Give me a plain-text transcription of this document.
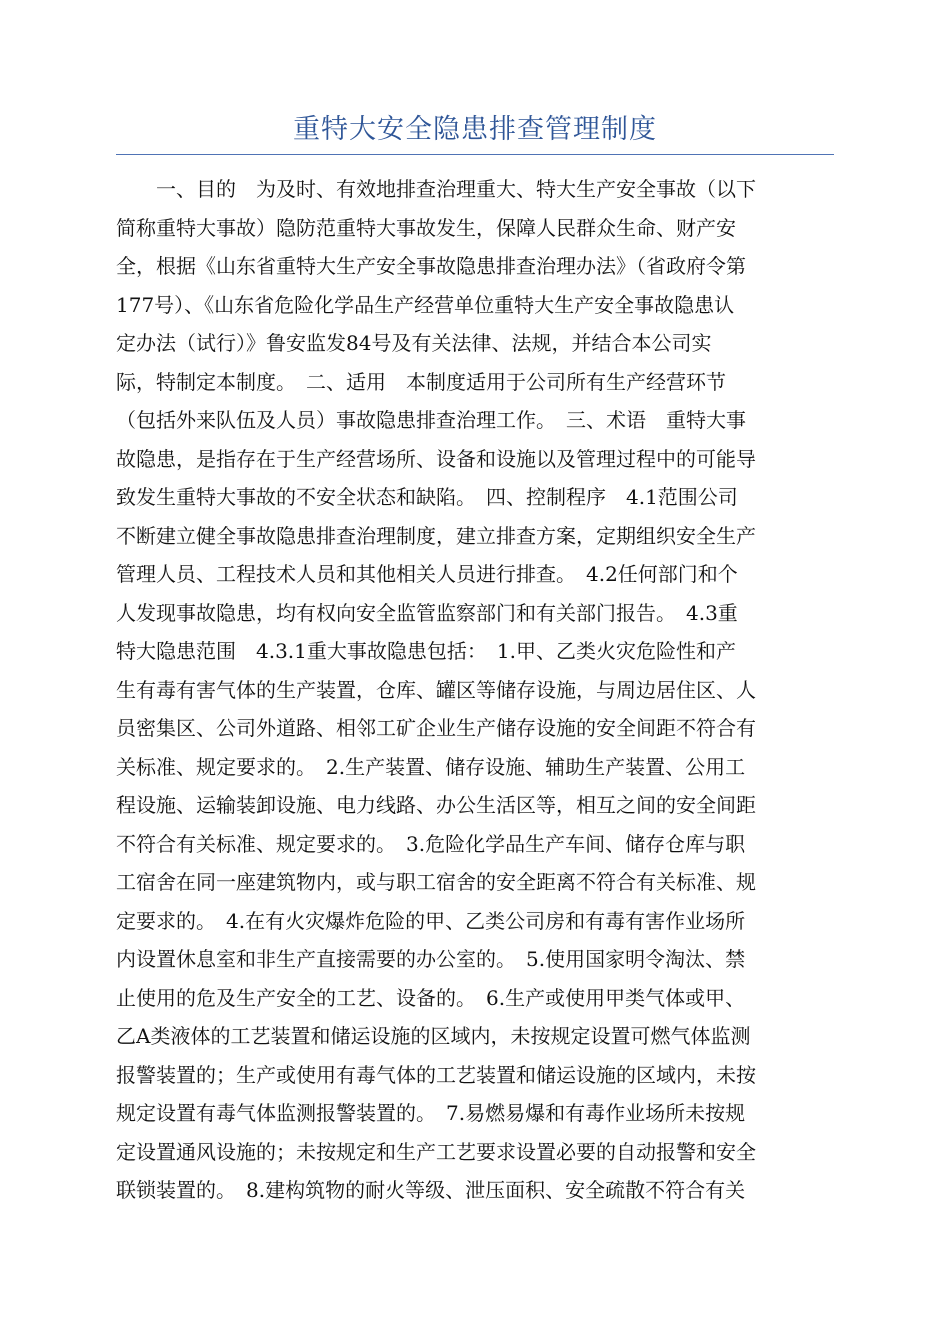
重特大安全隐患排查管理制度
　　一、目的　为及时、有效地排查治理重大、特大生产安全事故（以下
简称重特大事故）隐防范重特大事故发生，保障人民群众生命、财产安
全，根据《山东省重特大生产安全事故隐患排查治理办法》（省政府令第
177号）、《山东省危险化学品生产经营单位重特大生产安全事故隐患认
定办法（试行）》鲁安监发84号及有关法律、法规，并结合本公司实
际，特制定本制度。　二、适用　本制度适用于公司所有生产经营环节
（包括外来队伍及人员）事故隐患排查治理工作。　三、术语　重特大事
故隐患，是指存在于生产经营场所、设备和设施以及管理过程中的可能导
致发生重特大事故的不安全状态和缺陷。　四、控制程序　4.1范围公司
不断建立健全事故隐患排查治理制度，建立排查方案，定期组织安全生产
管理人员、工程技术人员和其他相关人员进行排查。　4.2任何部门和个
人发现事故隐患，均有权向安全监管监察部门和有关部门报告。　4.3重
特大隐患范围　4.3.1重大事故隐患包括：　1.甲、乙类火灾危险性和产
生有毒有害气体的生产装置，仓库、罐区等储存设施，与周边居住区、人
员密集区、公司外道路、相邻工矿企业生产储存设施的安全间距不符合有
关标准、规定要求的。　2.生产装置、储存设施、辅助生产装置、公用工
程设施、运输装卸设施、电力线路、办公生活区等，相互之间的安全间距
不符合有关标准、规定要求的。　3.危险化学品生产车间、储存仓库与职
工宿舍在同一座建筑物内，或与职工宿舍的安全距离不符合有关标准、规
定要求的。　4.在有火灾爆炸危险的甲、乙类公司房和有毒有害作业场所
内设置休息室和非生产直接需要的办公室的。　5.使用国家明令淘汰、禁
止使用的危及生产安全的工艺、设备的。　6.生产或使用甲类气体或甲、
乙A类液体的工艺装置和储运设施的区域内，未按规定设置可燃气体监测
报警装置的；生产或使用有毒气体的工艺装置和储运设施的区域内，未按
规定设置有毒气体监测报警装置的。　7.易燃易爆和有毒作业场所未按规
定设置通风设施的；未按规定和生产工艺要求设置必要的自动报警和安全
联锁装置的。　8.建构筑物的耐火等级、泄压面积、安全疏散不符合有关
